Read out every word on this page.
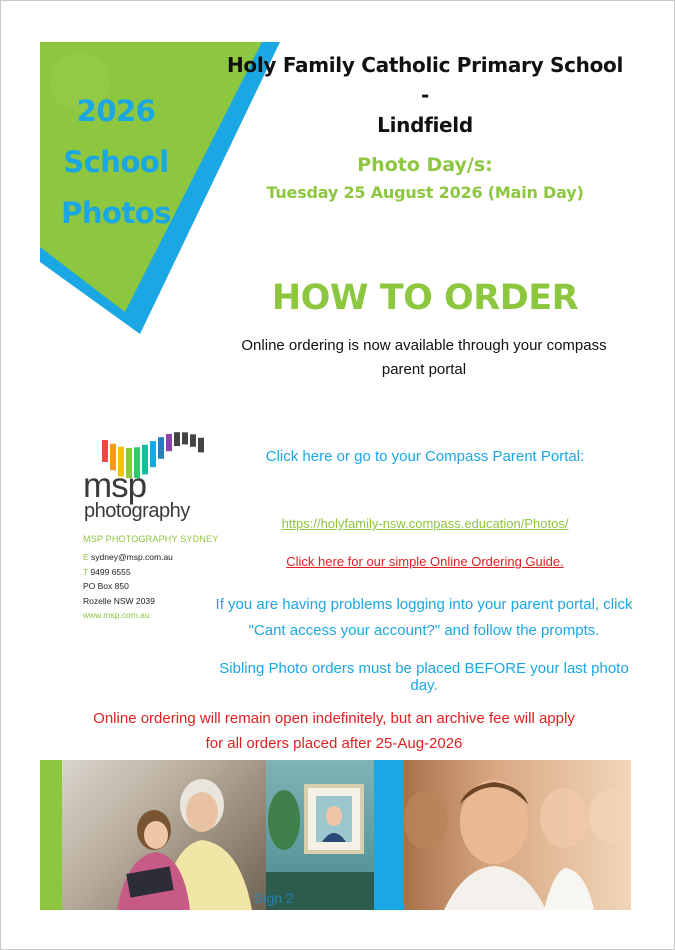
2026
School
Photos
Holy Family Catholic Primary School -
Lindfield
Photo Day/s:
Tuesday 25 August 2026 (Main Day)
HOW TO ORDER
Online ordering is now available through your compass
parent portal
msp
photography
MSP PHOTOGRAPHY SYDNEY
E sydney@msp.com.au
T 9499 6555
PO Box 850
Rozelle NSW 2039
www.msp.com.au
Click here or go to your Compass Parent Portal:
https://holyfamily-nsw.compass.education/Photos/
Click here for our simple Online Ordering Guide.
If you are having problems logging into your parent portal, click
"Cant access your account?" and follow the prompts.
Sibling Photo orders must be placed BEFORE your last photo day.
Online ordering will remain open indefinitely, but an archive fee will apply
for all orders placed after 25-Aug-2026
Sign 2
